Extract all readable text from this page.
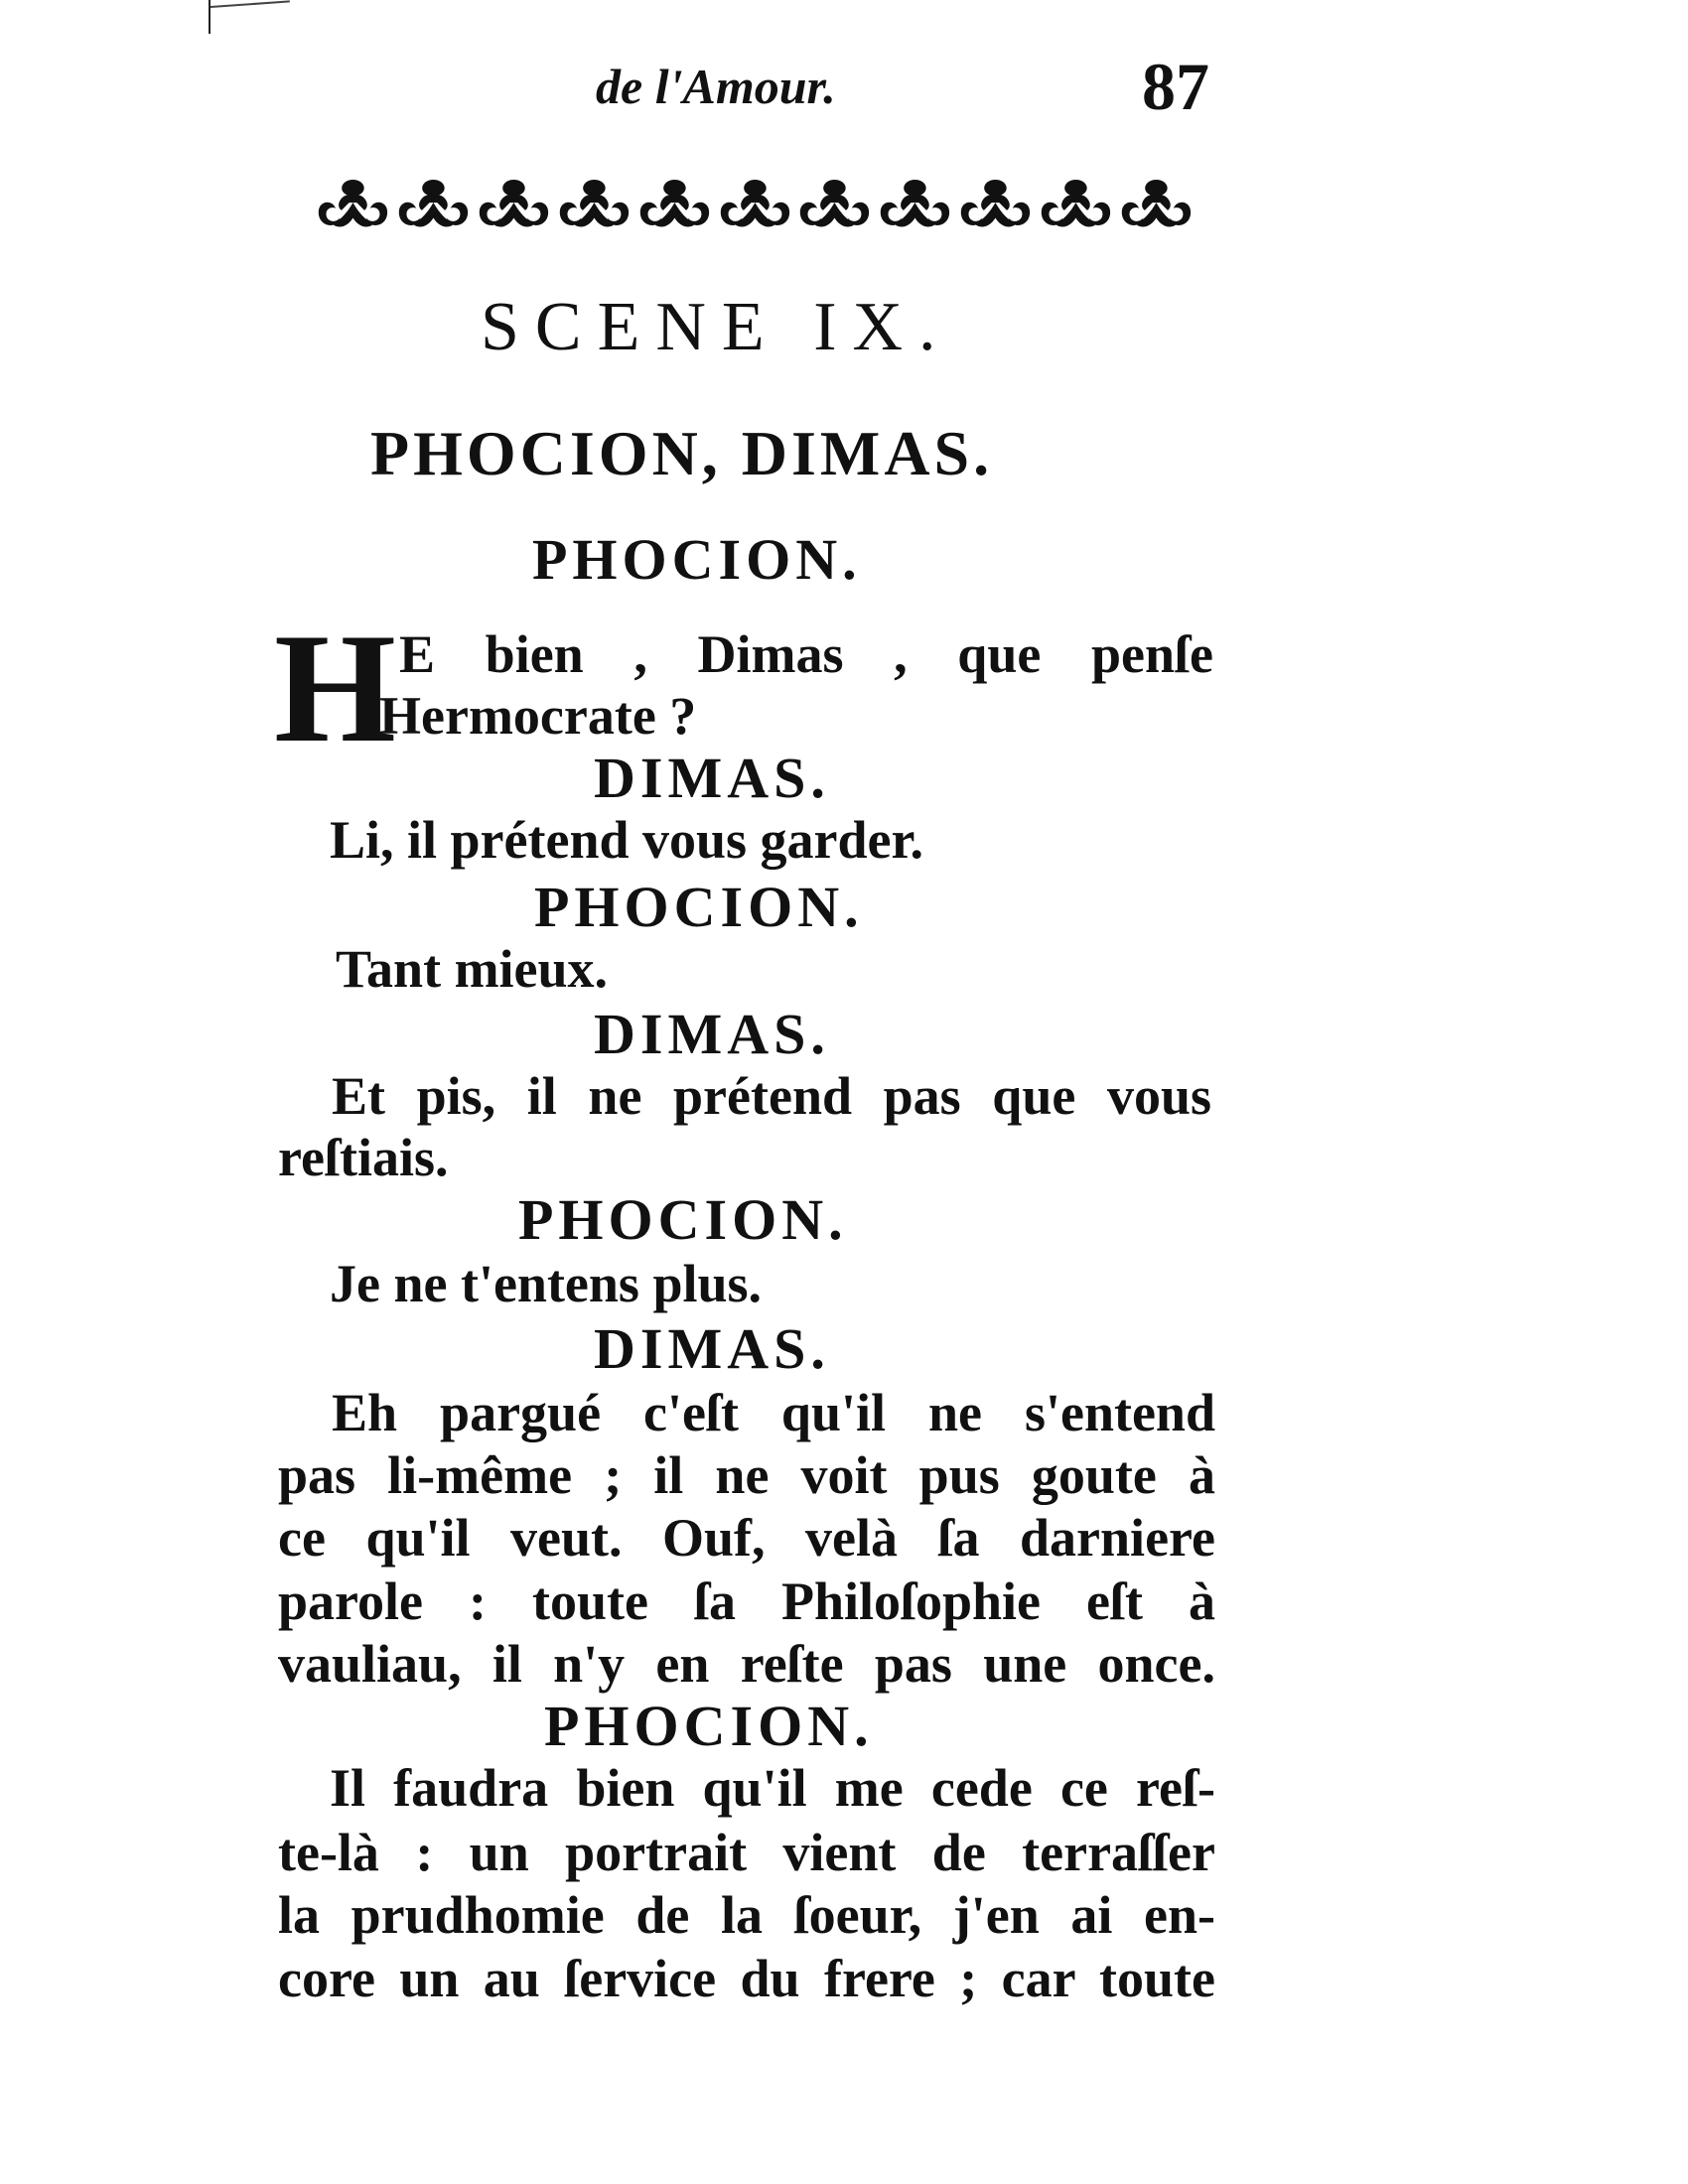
de l'Amour.	87
SCENE IX.
PHOCION, DIMAS.
PHOCION.
H E bien , Dimas , que penſe
Hermocrate ?
DIMAS.
Li, il prétend vous garder.
PHOCION.
Tant mieux.
DIMAS.
Et pis, il ne prétend pas que vous
reſtiais.
PHOCION.
Je ne t'entens plus.
DIMAS.
Eh pargué c'eſt qu'il ne s'entend
pas li-même ; il ne voit pus goute à
ce qu'il veut. Ouf, velà ſa darniere
parole : toute ſa Philoſophie eſt à
vauliau, il n'y en reſte pas une once.
PHOCION.
Il faudra bien qu'il me cede ce reſ-
te-là : un portrait vient de terraſſer
la prudhomie de la ſoeur, j'en ai en-
core un au ſervice du frere ; car toute
